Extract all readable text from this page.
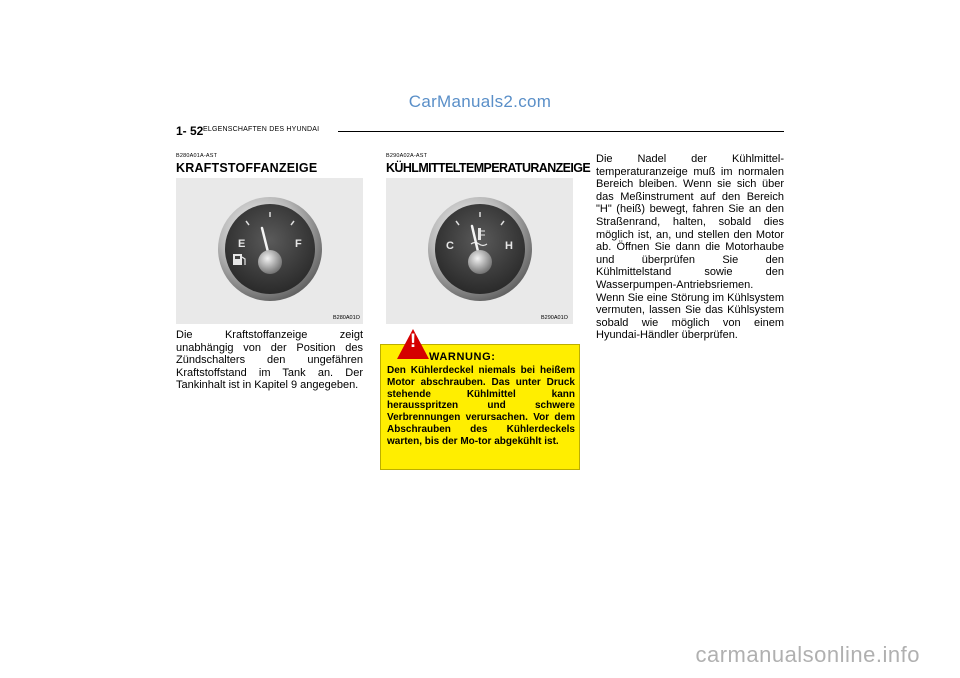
CarManuals2.com
carmanualsonline.info
1- 52 ELGENSCHAFTEN DES HYUNDAI
B280A01A-AST
KRAFTSTOFFANZEIGE
E	F
B280A01O
Die Kraftstoffanzeige zeigt unabhängig von der Position des Zündschalters den ungefähren Kraftstoffstand im Tank an. Der Tankinhalt ist in Kapitel 9 angegeben.
B290A02A-AST
KÜHLMITTELTEMPERATURANZEIGE
C	H
B290A01O
!
WARNUNG:
Den Kühlerdeckel niemals bei heißem Motor abschrauben. Das unter Druck stehende Kühlmittel kann herausspritzen und schwere Verbrennungen verursachen. Vor dem Abschrauben des Kühlerdeckels warten, bis der Mo-tor abgekühlt ist.
Die Nadel der Kühlmittel-temperaturanzeige muß im normalen Bereich bleiben. Wenn sie sich über das Meßinstrument auf den Bereich "H" (heiß) bewegt, fahren Sie an den Straßenrand, halten, sobald dies möglich ist, an, und stellen den Motor ab. Öffnen Sie dann die Motorhaube und überprüfen Sie den Kühlmittelstand sowie den Wasserpumpen-Antriebsriemen. Wenn Sie eine Störung im Kühlsystem vermuten, lassen Sie das Kühlsystem sobald wie möglich von einem Hyundai-Händler überprüfen.
